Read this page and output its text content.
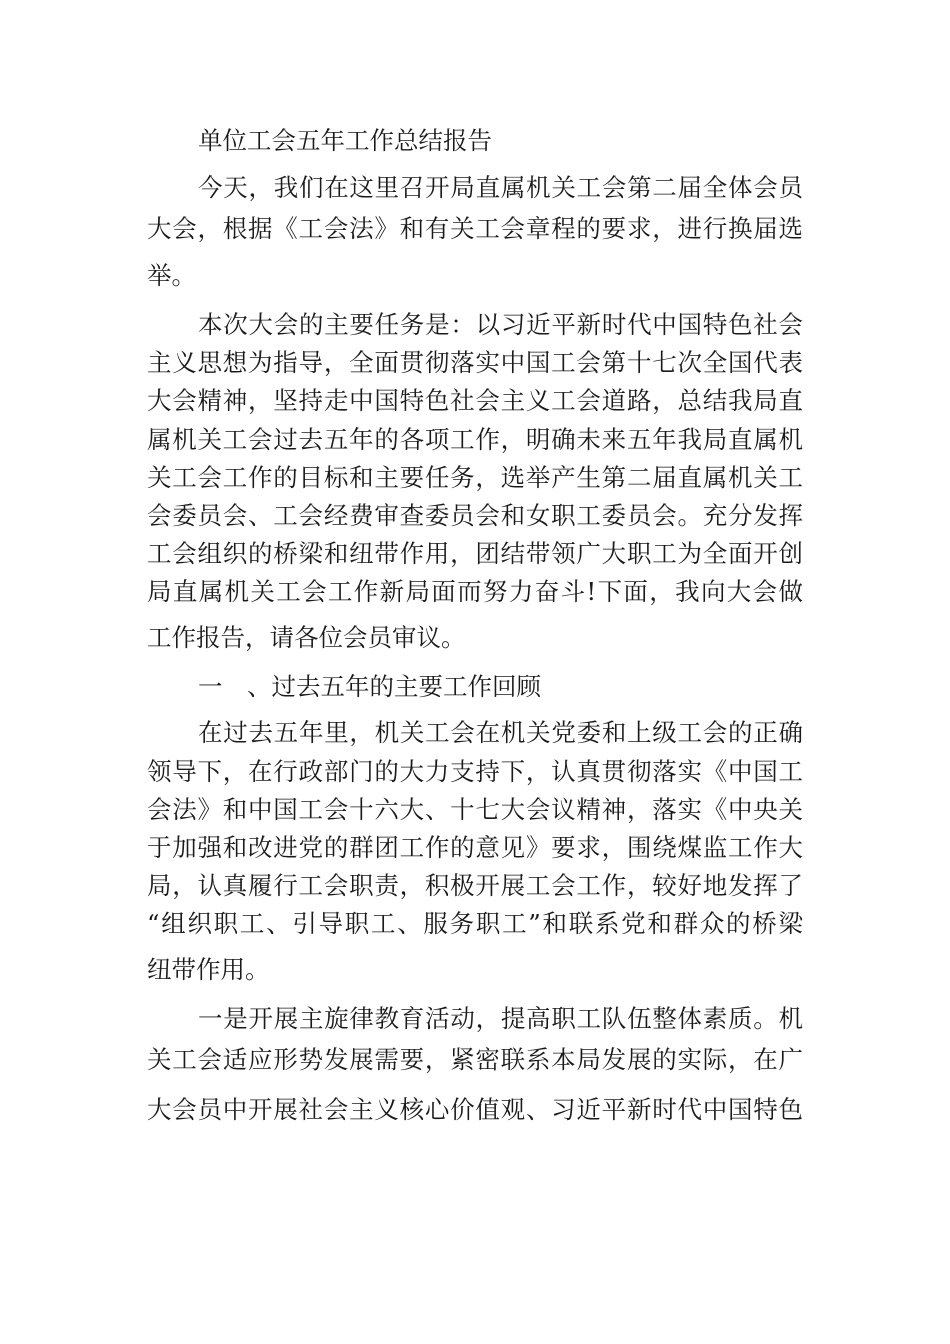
单位工会五年工作总结报告

今天，我们在这里召开局直属机关工会第二届全体会员

大会，根据《工会法》和有关工会章程的要求，进行换届选

举。

本次大会的主要任务是：以习近平新时代中国特色社会

主义思想为指导，全面贯彻落实中国工会第十七次全国代表

大会精神，坚持走中国特色社会主义工会道路，总结我局直

属机关工会过去五年的各项工作，明确未来五年我局直属机

关工会工作的目标和主要任务，选举产生第二届直属机关工

会委员会、工会经费审查委员会和女职工委员会。充分发挥

工会组织的桥梁和纽带作用，团结带领广大职工为全面开创

局直属机关工会工作新局面而努力奋斗!下面，我向大会做

工作报告，请各位会员审议。

一　、过去五年的主要工作回顾

在过去五年里，机关工会在机关党委和上级工会的正确

领导下，在行政部门的大力支持下，认真贯彻落实《中国工

会法》和中国工会十六大、十七大会议精神，落实《中央关

于加强和改进党的群团工作的意见》要求，围绕煤监工作大

局，认真履行工会职责，积极开展工会工作，较好地发挥了

“组织职工、引导职工、服务职工”和联系党和群众的桥梁

纽带作用。

一是开展主旋律教育活动，提高职工队伍整体素质。机

关工会适应形势发展需要，紧密联系本局发展的实际，在广

大会员中开展社会主义核心价值观、习近平新时代中国特色
